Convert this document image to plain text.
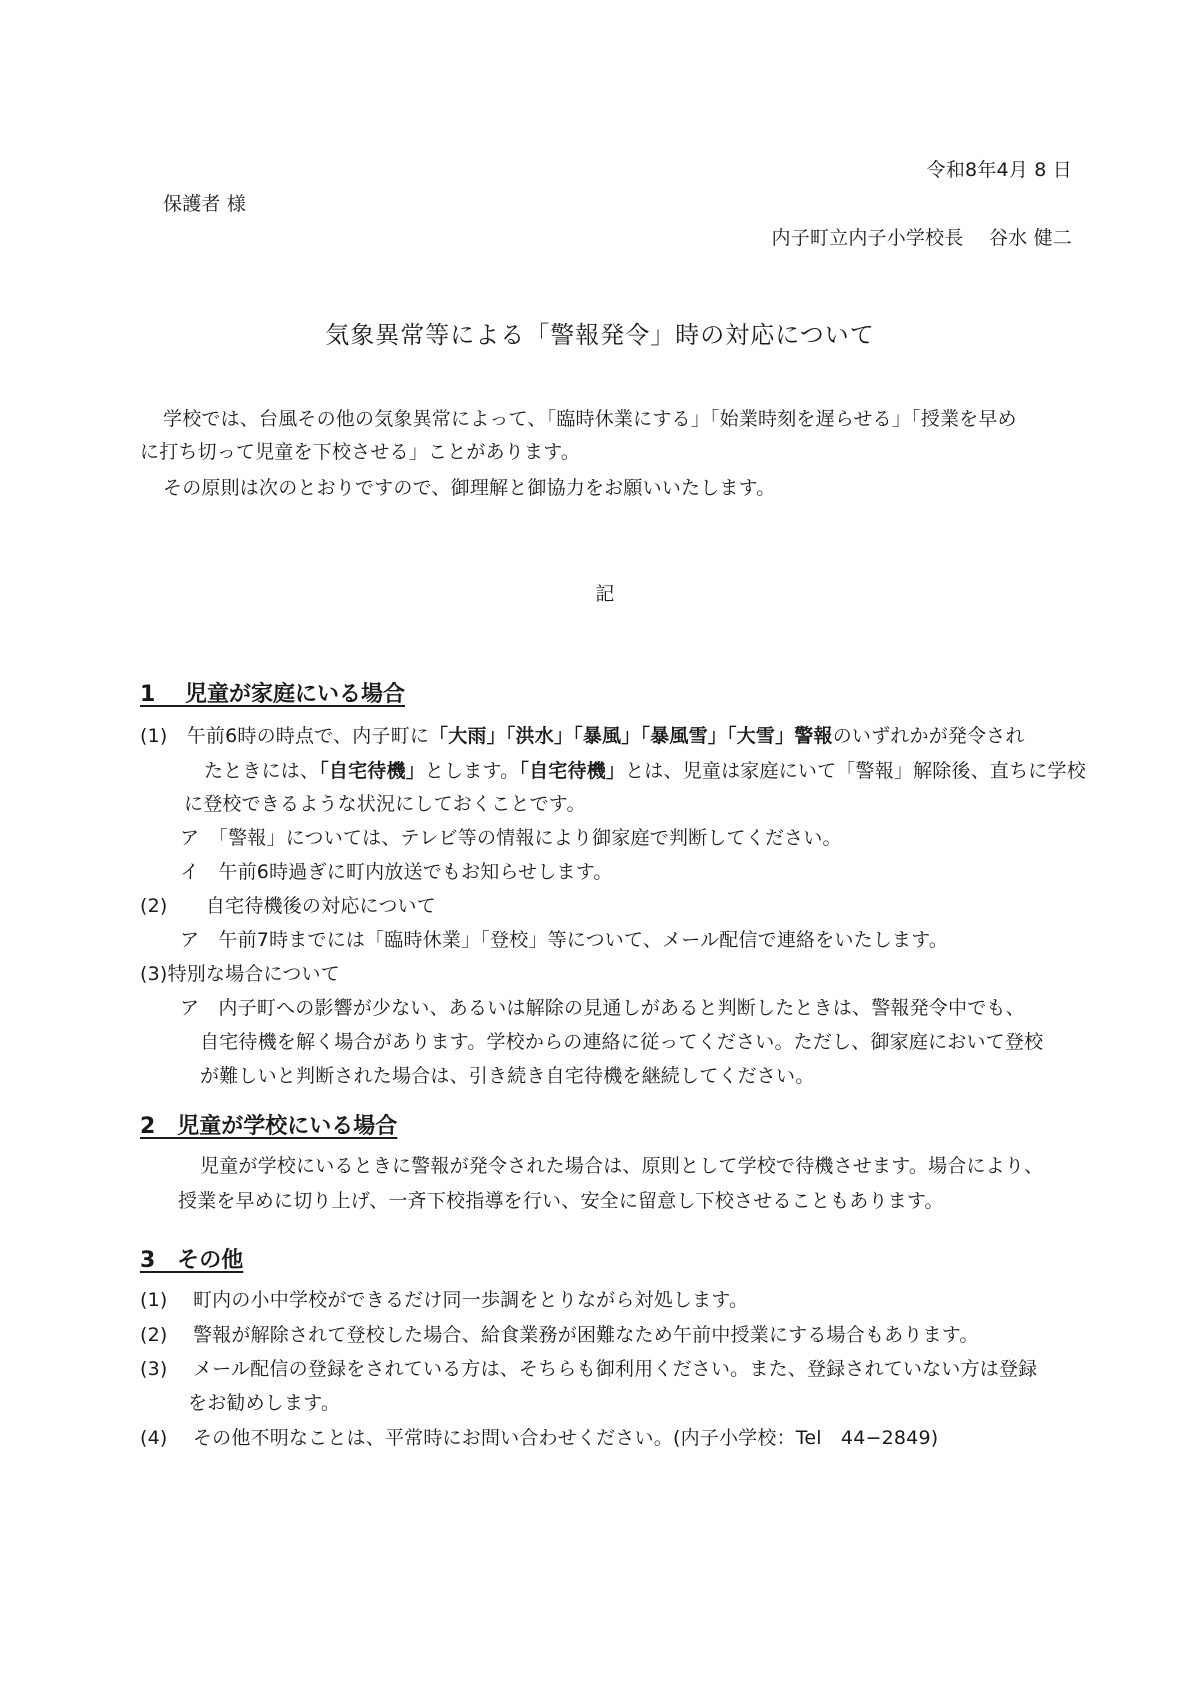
令和8年4月 8 日
保護者 様
内子町立内子小学校長　 谷水 健二
気象異常等による「警報発令」時の対応について
学校では、台風その他の気象異常によって、「臨時休業にする」「始業時刻を遅らせる」「授業を早め
に打ち切って児童を下校させる」ことがあります。
その原則は次のとおりですので、御理解と御協力をお願いいたします。
記
1　 児童が家庭にいる場合
(1)　午前6時の時点で、内子町に「大雨」「洪水」「暴風」「暴風雪」「大雪」警報のいずれかが発令され
たときには、「自宅待機」とします。「自宅待機」とは、児童は家庭にいて「警報」解除後、直ちに学校
に登校できるような状況にしておくことです。
ア　「警報」については、テレビ等の情報により御家庭で判断してください。
イ　午前6時過ぎに町内放送でもお知らせします。
(2)　　自宅待機後の対応について
ア　午前7時までには「臨時休業」「登校」等について、メール配信で連絡をいたします。
(3)特別な場合について
ア　内子町への影響が少ない、あるいは解除の見通しがあると判断したときは、警報発令中でも、
自宅待機を解く場合があります。学校からの連絡に従ってください。ただし、御家庭において登校
が難しいと判断された場合は、引き続き自宅待機を継続してください。
2　児童が学校にいる場合
児童が学校にいるときに警報が発令された場合は、原則として学校で待機させます。場合により、
授業を早めに切り上げ、一斉下校指導を行い、安全に留意し下校させることもあります。
3　その他
(1)　 町内の小中学校ができるだけ同一歩調をとりながら対処します。
(2)　 警報が解除されて登校した場合、給食業務が困難なため午前中授業にする場合もあります。
(3)　 メール配信の登録をされている方は、そちらも御利用ください。また、登録されていない方は登録
をお勧めします。
(4)　 その他不明なことは、平常時にお問い合わせください。(内子小学校：Tel　44−2849)
